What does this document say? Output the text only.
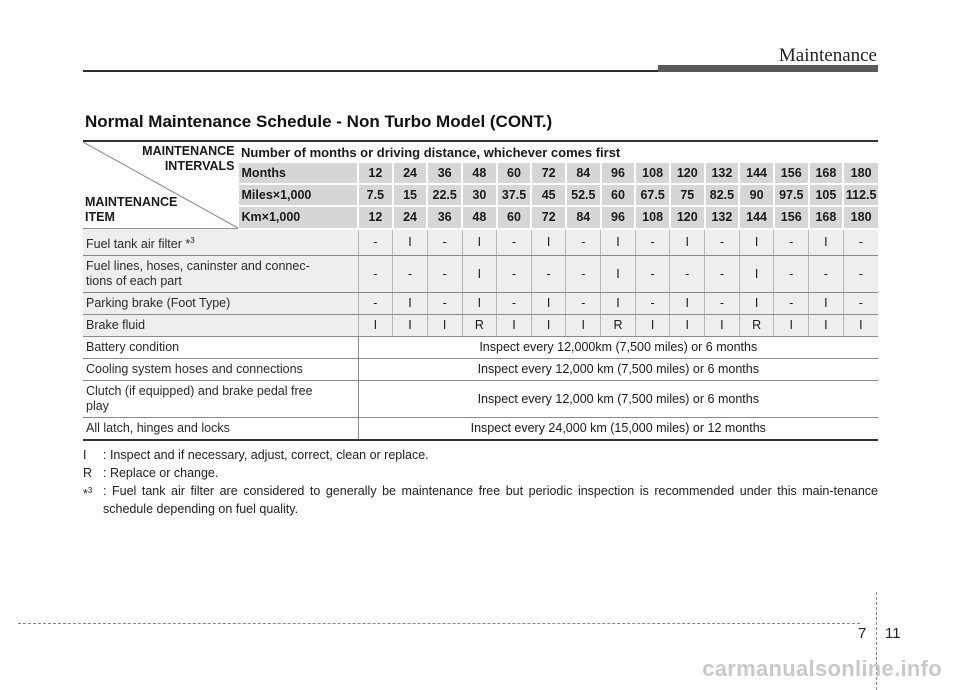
Maintenance
Normal Maintenance Schedule - Non Turbo Model (CONT.)
MAINTENANCE
INTERVALS
MAINTENANCE
ITEM	Number of months or driving distance, whichever comes first															
	Months	12	24	36	48	60	72	84	96	108	120	132	144	156	168	180
	Miles×1,000	7.5	15	22.5	30	37.5	45	52.5	60	67.5	75	82.5	90	97.5	105	112.5
	Km×1,000	12	24	36	48	60	72	84	96	108	120	132	144	156	168	180
Fuel tank air filter *$^3$		-	I	-	I	-	I	-	I	-	I	-	I	-	I	-
Fuel lines, hoses, caninster and connec-
tions of each part		-	-	-	I	-	-	-	I	-	-	-	I	-	-	-
Parking brake (Foot Type)		-	I	-	I	-	I	-	I	-	I	-	I	-	I	-
Brake fluid		I	I	I	R	I	I	I	R	I	I	I	R	I	I	I
Battery condition		Inspect every 12,000km (7,500 miles) or 6 months														
Cooling system hoses and connections		Inspect every 12,000 km (7,500 miles) or 6 months														
Clutch (if equipped) and brake pedal free
play		Inspect every 12,000 km (7,500 miles) or 6 months														
All latch, hinges and locks		Inspect every 24,000 km (15,000 miles) or 12 months														
I : Inspect and if necessary, adjust, correct, clean or replace.
R : Replace or change.
*$^3$ : Fuel tank air filter are considered to generally be maintenance free but periodic inspection is recommended under this main-tenance schedule depending on fuel quality.
7 11
carmanualsonline.info
